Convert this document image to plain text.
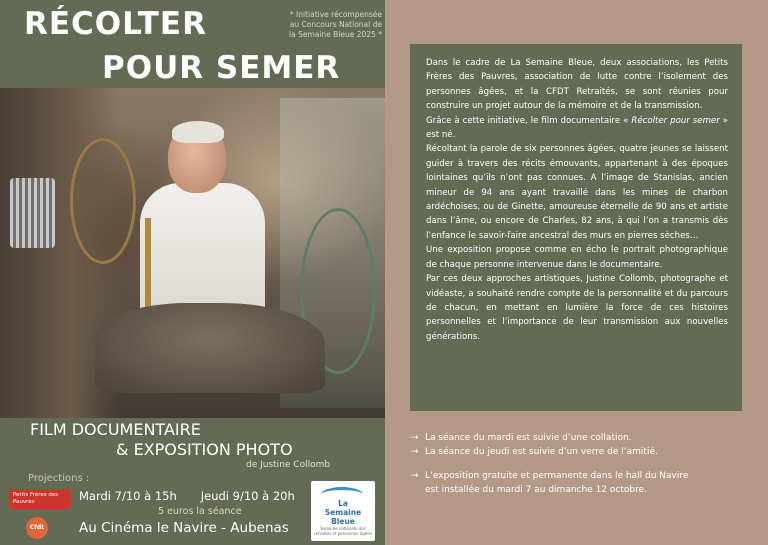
RÉCOLTER
POUR SEMER

* Initiative récompensée
au Concours National de
la Semaine Bleue 2025 *

FILM DOCUMENTAIRE

& EXPOSITION PHOTO

de Justine Collomb

Projections :

Mardi 7/10 à 15h Jeudi 9/10 à 20h

5 euros la séance

Au Cinéma le Navire - Aubenas

Petits Frères des Pauvres
Cfdt
La
Semaine
Bleue
Semaine nationale des retraités et personnes âgées

Dans le cadre de La Semaine Bleue, deux associations, les Petits Frères des Pauvres, association de lutte contre l’isolement des personnes âgées, et la CFDT Retraités, se sont réunies pour construire un projet autour de la mémoire et de la transmission.

Grâce à cette initiative, le film documentaire « Récolter pour semer » est né.

Récoltant la parole de six personnes âgées, quatre jeunes se laissent guider à travers des récits émouvants, appartenant à des époques lointaines qu’ils n’ont pas connues. A l’image de Stanislas, ancien mineur de 94 ans ayant travaillé dans les mines de charbon ardéchoises, ou de Ginette, amoureuse éternelle de 90 ans et artiste dans l’âme, ou encore de Charles, 82 ans, à qui l’on a transmis dès l’enfance le savoir-faire ancestral des murs en pierres sèches…

Une exposition propose comme en écho le portrait photographique de chaque personne intervenue dans le documentaire.

Par ces deux approches artistiques, Justine Collomb, photographe et vidéaste, a souhaité rendre compte de la personnalité et du parcours de chacun, en mettant en lumière la force de ces histoires personnelles et l’importance de leur transmission aux nouvelles générations.

→ La séance du mardi est suivie d’une collation.

→ La séance du jeudi est suivie d’un verre de l’amitié.

→ L’exposition gratuite et permanente dans le hall du Navire

est installée du mardi 7 au dimanche 12 octobre.
